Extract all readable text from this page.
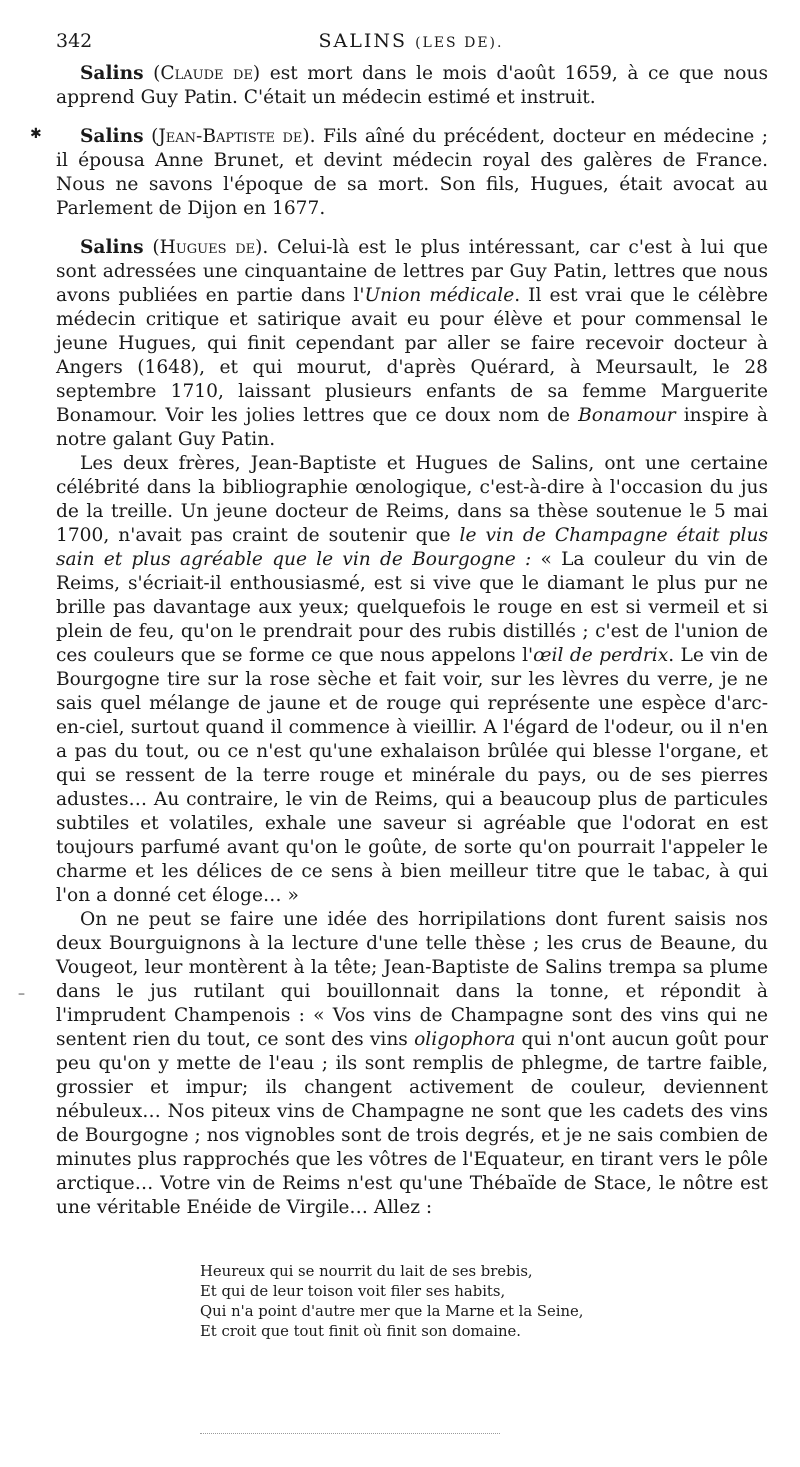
342	SALINS (LES DE).
✱
–

Salins (Claude de) est mort dans le mois d'août 1659, à ce que nous apprend Guy Patin. C'était un médecin estimé et instruit.

Salins (Jean-Baptiste de). Fils aîné du précédent, docteur en médecine ; il épousa Anne Brunet, et devint médecin royal des galères de France. Nous ne savons l'époque de sa mort. Son fils, Hugues, était avocat au Parlement de Dijon en 1677.

Salins (Hugues de). Celui-là est le plus intéressant, car c'est à lui que sont adressées une cinquantaine de lettres par Guy Patin, lettres que nous avons publiées en partie dans l'Union médicale. Il est vrai que le célèbre médecin critique et satirique avait eu pour élève et pour commensal le jeune Hugues, qui finit cependant par aller se faire recevoir docteur à Angers (1648), et qui mourut, d'après Quérard, à Meursault, le 28 septembre 1710, laissant plusieurs enfants de sa femme Marguerite Bonamour. Voir les jolies lettres que ce doux nom de Bonamour inspire à notre galant Guy Patin.

Les deux frères, Jean-Baptiste et Hugues de Salins, ont une certaine célébrité dans la bibliographie œnologique, c'est-à-dire à l'occasion du jus de la treille. Un jeune docteur de Reims, dans sa thèse soutenue le 5 mai 1700, n'avait pas craint de soutenir que le vin de Champagne était plus sain et plus agréable que le vin de Bourgogne : « La couleur du vin de Reims, s'écriait-il enthousiasmé, est si vive que le diamant le plus pur ne brille pas davantage aux yeux; quelquefois le rouge en est si vermeil et si plein de feu, qu'on le prendrait pour des rubis distillés ; c'est de l'union de ces couleurs que se forme ce que nous appelons l'œil de perdrix. Le vin de Bourgogne tire sur la rose sèche et fait voir, sur les lèvres du verre, je ne sais quel mélange de jaune et de rouge qui représente une espèce d'arc-en-ciel, surtout quand il commence à vieillir. A l'égard de l'odeur, ou il n'en a pas du tout, ou ce n'est qu'une exhalaison brûlée qui blesse l'organe, et qui se ressent de la terre rouge et minérale du pays, ou de ses pierres adustes… Au contraire, le vin de Reims, qui a beaucoup plus de particules subtiles et volatiles, exhale une saveur si agréable que l'odorat en est toujours parfumé avant qu'on le goûte, de sorte qu'on pourrait l'appeler le charme et les délices de ce sens à bien meilleur titre que le tabac, à qui l'on a donné cet éloge… »

On ne peut se faire une idée des horripilations dont furent saisis nos deux Bourguignons à la lecture d'une telle thèse ; les crus de Beaune, du Vougeot, leur montèrent à la tête; Jean-Baptiste de Salins trempa sa plume dans le jus rutilant qui bouillonnait dans la tonne, et répondit à l'imprudent Champenois : « Vos vins de Champagne sont des vins qui ne sentent rien du tout, ce sont des vins oligophora qui n'ont aucun goût pour peu qu'on y mette de l'eau ; ils sont remplis de phlegme, de tartre faible, grossier et impur; ils changent activement de couleur, deviennent nébuleux… Nos piteux vins de Champagne ne sont que les cadets des vins de Bourgogne ; nos vignobles sont de trois degrés, et je ne sais combien de minutes plus rapprochés que les vôtres de l'Equateur, en tirant vers le pôle arctique… Votre vin de Reims n'est qu'une Thébaïde de Stace, le nôtre est une véritable Enéide de Virgile… Allez :

Heureux qui se nourrit du lait de ses brebis,
Et qui de leur toison voit filer ses habits,
Qui n'a point d'autre mer que la Marne et la Seine,
Et croit que tout finit où finit son domaine.
